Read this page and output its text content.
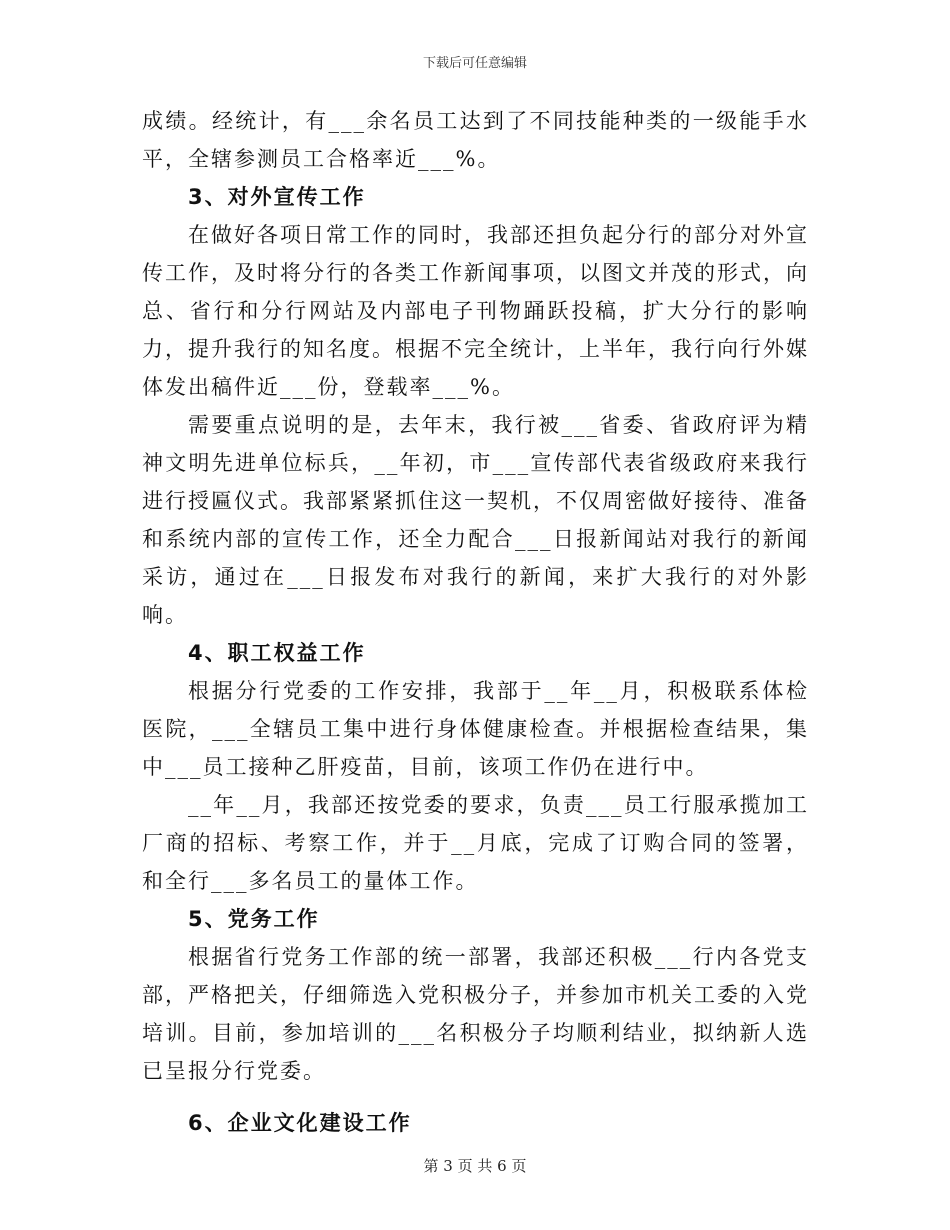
下载后可任意编辑

成绩。经统计，有___余名员工达到了不同技能种类的一级能手水平，全辖参测员工合格率近___%。

3、对外宣传工作

在做好各项日常工作的同时，我部还担负起分行的部分对外宣传工作，及时将分行的各类工作新闻事项，以图文并茂的形式，向总、省行和分行网站及内部电子刊物踊跃投稿，扩大分行的影响力，提升我行的知名度。根据不完全统计，上半年，我行向行外媒体发出稿件近___份，登载率___%。

需要重点说明的是，去年末，我行被___省委、省政府评为精神文明先进单位标兵，__年初，市___宣传部代表省级政府来我行进行授匾仪式。我部紧紧抓住这一契机，不仅周密做好接待、准备和系统内部的宣传工作，还全力配合___日报新闻站对我行的新闻采访，通过在___日报发布对我行的新闻，来扩大我行的对外影响。

4、职工权益工作

根据分行党委的工作安排，我部于__年__月，积极联系体检医院，___全辖员工集中进行身体健康检查。并根据检查结果，集中___员工接种乙肝疫苗，目前，该项工作仍在进行中。

__年__月，我部还按党委的要求，负责___员工行服承揽加工厂商的招标、考察工作，并于__月底，完成了订购合同的签署，和全行___多名员工的量体工作。

5、党务工作

根据省行党务工作部的统一部署，我部还积极___行内各党支部，严格把关，仔细筛选入党积极分子，并参加市机关工委的入党培训。目前，参加培训的___名积极分子均顺利结业，拟纳新人选已呈报分行党委。

6、企业文化建设工作

第 3 页 共 6 页
